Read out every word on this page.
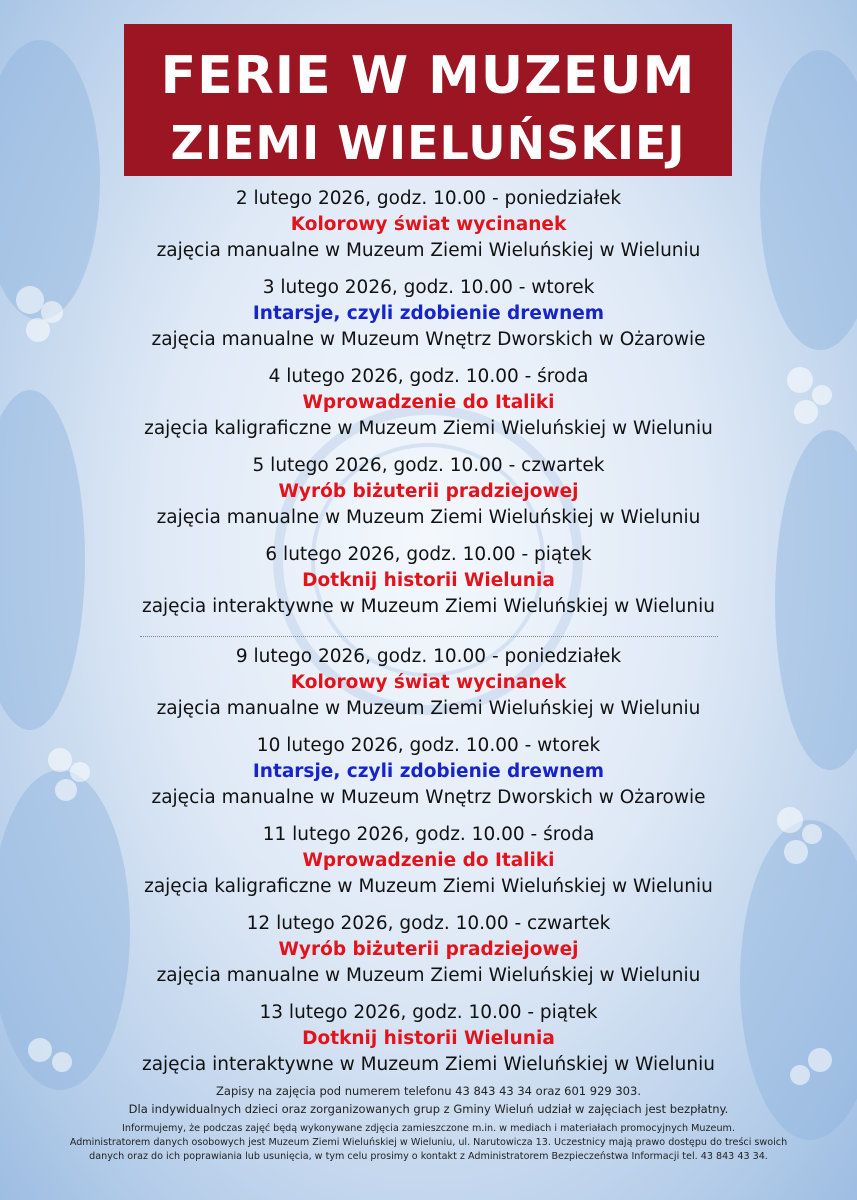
FERIE W MUZEUM
ZIEMI WIELUŃSKIEJ
2 lutego 2026, godz. 10.00 - poniedziałek
Kolorowy świat wycinanek
zajęcia manualne w Muzeum Ziemi Wieluńskiej w Wieluniu
3 lutego 2026, godz. 10.00 - wtorek
Intarsje, czyli zdobienie drewnem
zajęcia manualne w Muzeum Wnętrz Dworskich w Ożarowie
4 lutego 2026, godz. 10.00 - środa
Wprowadzenie do Italiki
zajęcia kaligraficzne w Muzeum Ziemi Wieluńskiej w Wieluniu
5 lutego 2026, godz. 10.00 - czwartek
Wyrób biżuterii pradziejowej
zajęcia manualne w Muzeum Ziemi Wieluńskiej w Wieluniu
6 lutego 2026, godz. 10.00 - piątek
Dotknij historii Wielunia
zajęcia interaktywne w Muzeum Ziemi Wieluńskiej w Wieluniu
9 lutego 2026, godz. 10.00 - poniedziałek
Kolorowy świat wycinanek
zajęcia manualne w Muzeum Ziemi Wieluńskiej w Wieluniu
10 lutego 2026, godz. 10.00 - wtorek
Intarsje, czyli zdobienie drewnem
zajęcia manualne w Muzeum Wnętrz Dworskich w Ożarowie
11 lutego 2026, godz. 10.00 - środa
Wprowadzenie do Italiki
zajęcia kaligraficzne w Muzeum Ziemi Wieluńskiej w Wieluniu
12 lutego 2026, godz. 10.00 - czwartek
Wyrób biżuterii pradziejowej
zajęcia manualne w Muzeum Ziemi Wieluńskiej w Wieluniu
13 lutego 2026, godz. 10.00 - piątek
Dotknij historii Wielunia
zajęcia interaktywne w Muzeum Ziemi Wieluńskiej w Wieluniu
Zapisy na zajęcia pod numerem telefonu 43 843 43 34 oraz 601 929 303.
Dla indywidualnych dzieci oraz zorganizowanych grup z Gminy Wieluń udział w zajęciach jest bezpłatny.
Informujemy, że podczas zajęć będą wykonywane zdjęcia zamieszczone m.in. w mediach i materiałach promocyjnych Muzeum.
Administratorem danych osobowych jest Muzeum Ziemi Wieluńskiej w Wieluniu, ul. Narutowicza 13. Uczestnicy mają prawo dostępu do treści swoich
danych oraz do ich poprawiania lub usunięcia, w tym celu prosimy o kontakt z Administratorem Bezpieczeństwa Informacji tel. 43 843 43 34.
